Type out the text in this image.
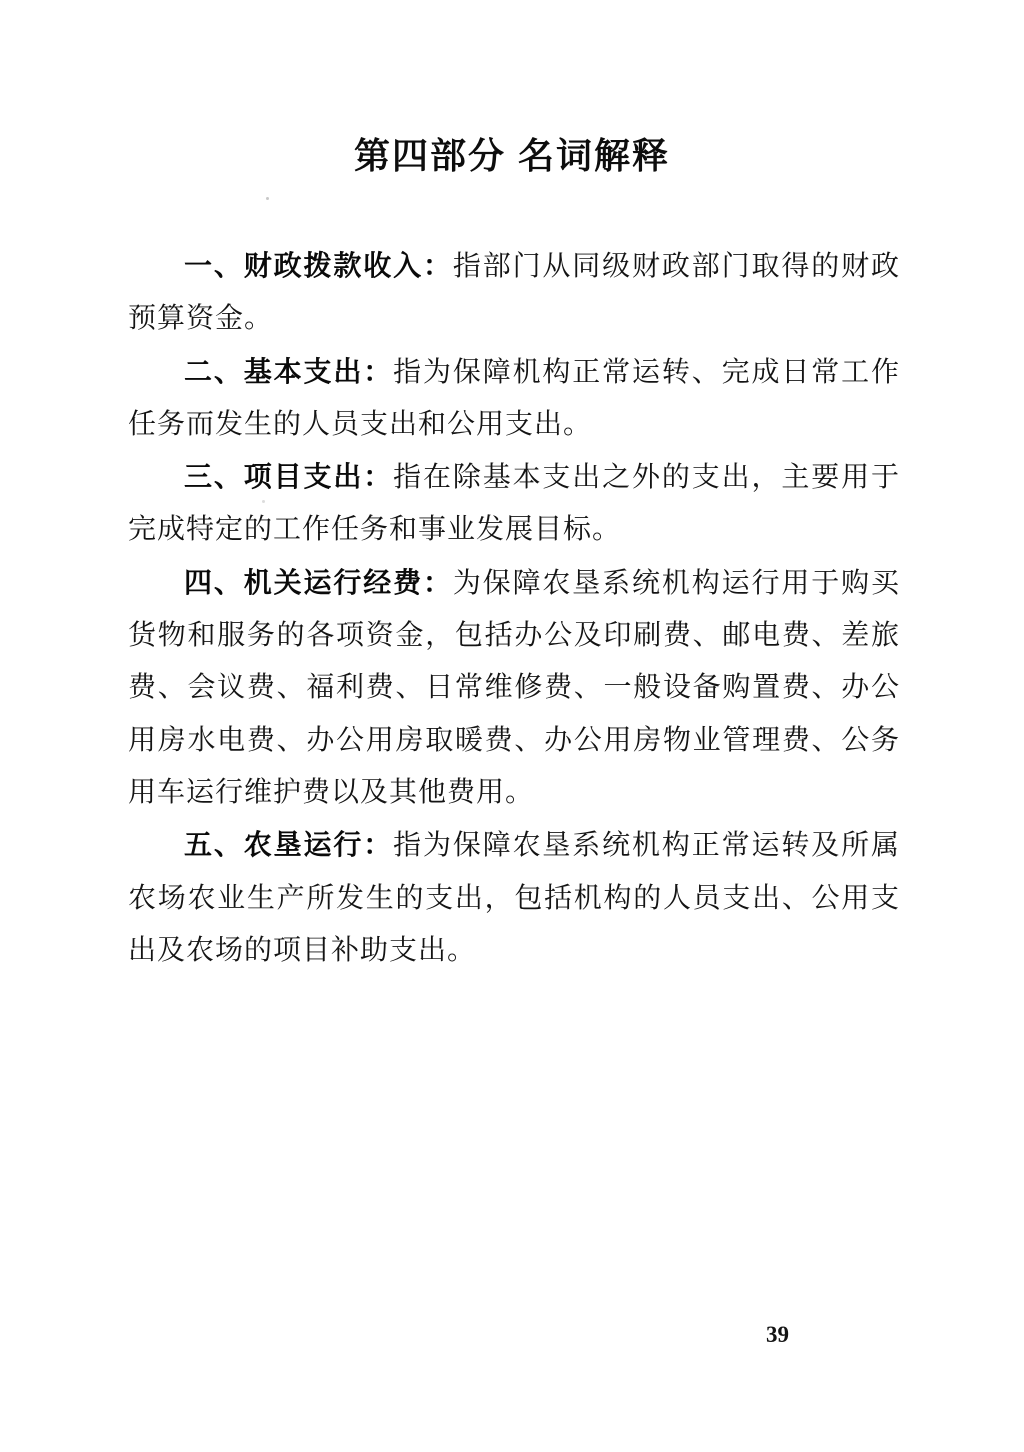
第四部分 名词解释

一、财政拨款收入：指部门从同级财政部门取得的财政预算资金。

二、基本支出：指为保障机构正常运转、完成日常工作任务而发生的人员支出和公用支出。

三、项目支出：指在除基本支出之外的支出，主要用于完成特定的工作任务和事业发展目标。

四、机关运行经费：为保障农垦系统机构运行用于购买货物和服务的各项资金，包括办公及印刷费、邮电费、差旅费、会议费、福利费、日常维修费、一般设备购置费、办公用房水电费、办公用房取暖费、办公用房物业管理费、公务用车运行维护费以及其他费用。

五、农垦运行：指为保障农垦系统机构正常运转及所属农场农业生产所发生的支出，包括机构的人员支出、公用支出及农场的项目补助支出。

39
